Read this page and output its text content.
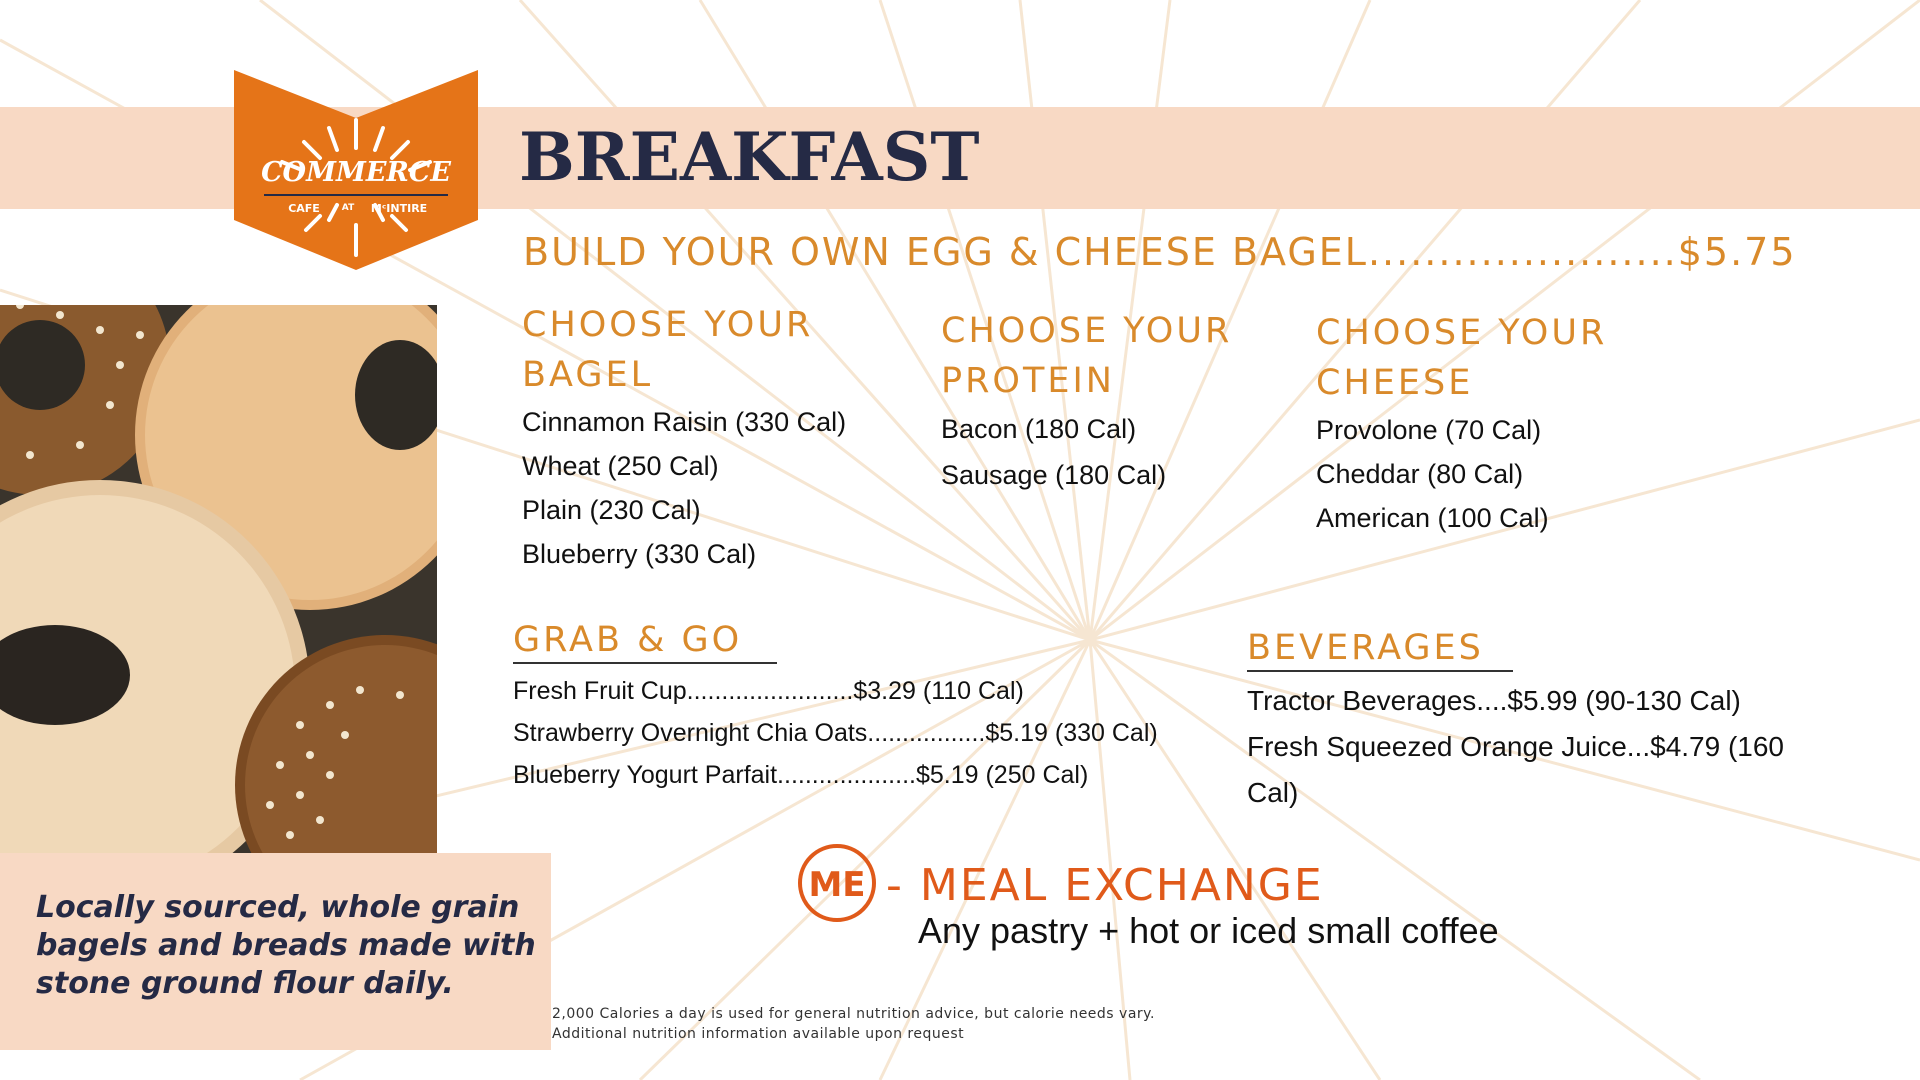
COMMERCE
CAFE AT MᶜINTIRE
BREAKFAST
BUILD YOUR OWN EGG & CHEESE BAGEL......................$5.75
CHOOSE YOUR
BAGEL
Cinnamon Raisin (330 Cal)
Wheat (250 Cal)
Plain (230 Cal)
Blueberry (330 Cal)
CHOOSE YOUR
PROTEIN
Bacon (180 Cal)
Sausage (180 Cal)
CHOOSE YOUR
CHEESE
Provolone (70 Cal)
Cheddar (80 Cal)
American (100 Cal)
GRAB & GO
Fresh Fruit Cup........................$3.29 (110 Cal)
Strawberry Overnight Chia Oats.................$5.19 (330 Cal)
Blueberry Yogurt Parfait....................$5.19 (250 Cal)
BEVERAGES
Tractor Beverages....$5.99 (90-130 Cal)
Fresh Squeezed Orange Juice...$4.79 (160 Cal)
Locally sourced, whole grain bagels and breads made with stone ground flour daily.
ME - MEAL EXCHANGE
Any pastry + hot or iced small coffee
2,000 Calories a day is used for general nutrition advice, but calorie needs vary.
Additional nutrition information available upon request
